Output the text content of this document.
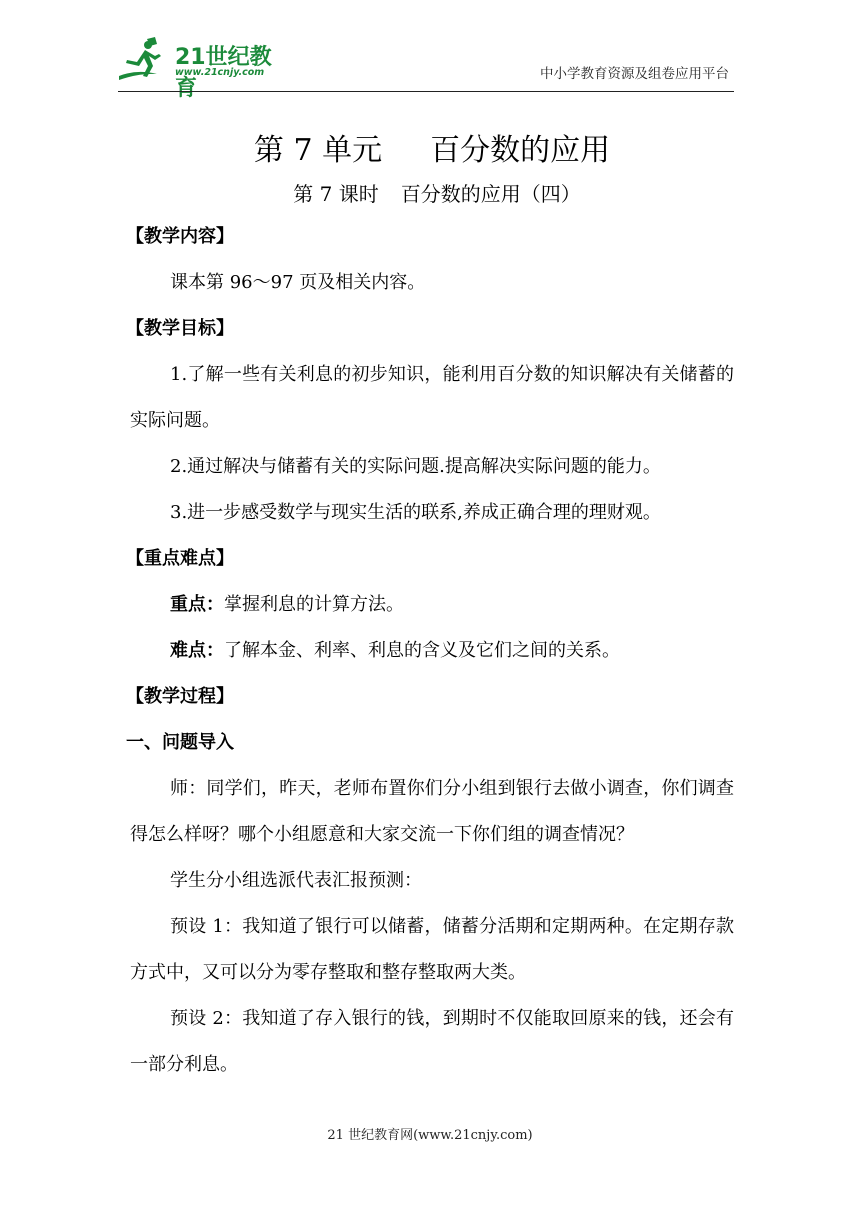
21世纪教育
www.21cnjy.com	中小学教育资源及组卷应用平台
第 7 单元 百分数的应用
第 7 课时 百分数的应用（四）
【教学内容】
课本第 96～97 页及相关内容。
【教学目标】
1.了解一些有关利息的初步知识，能利用百分数的知识解决有关储蓄的实际问题。
2.通过解决与储蓄有关的实际问题.提高解决实际问题的能力。
3.进一步感受数学与现实生活的联系,养成正确合理的理财观。
【重点难点】
重点：掌握利息的计算方法。
难点：了解本金、利率、利息的含义及它们之间的关系。
【教学过程】
一、问题导入
师：同学们，昨天，老师布置你们分小组到银行去做小调查，你们调查得怎么样呀？哪个小组愿意和大家交流一下你们组的调查情况？
学生分小组选派代表汇报预测：
预设 1：我知道了银行可以储蓄，储蓄分活期和定期两种。在定期存款方式中，又可以分为零存整取和整存整取两大类。
预设 2：我知道了存入银行的钱，到期时不仅能取回原来的钱，还会有一部分利息。
21 世纪教育网(www.21cnjy.com)
